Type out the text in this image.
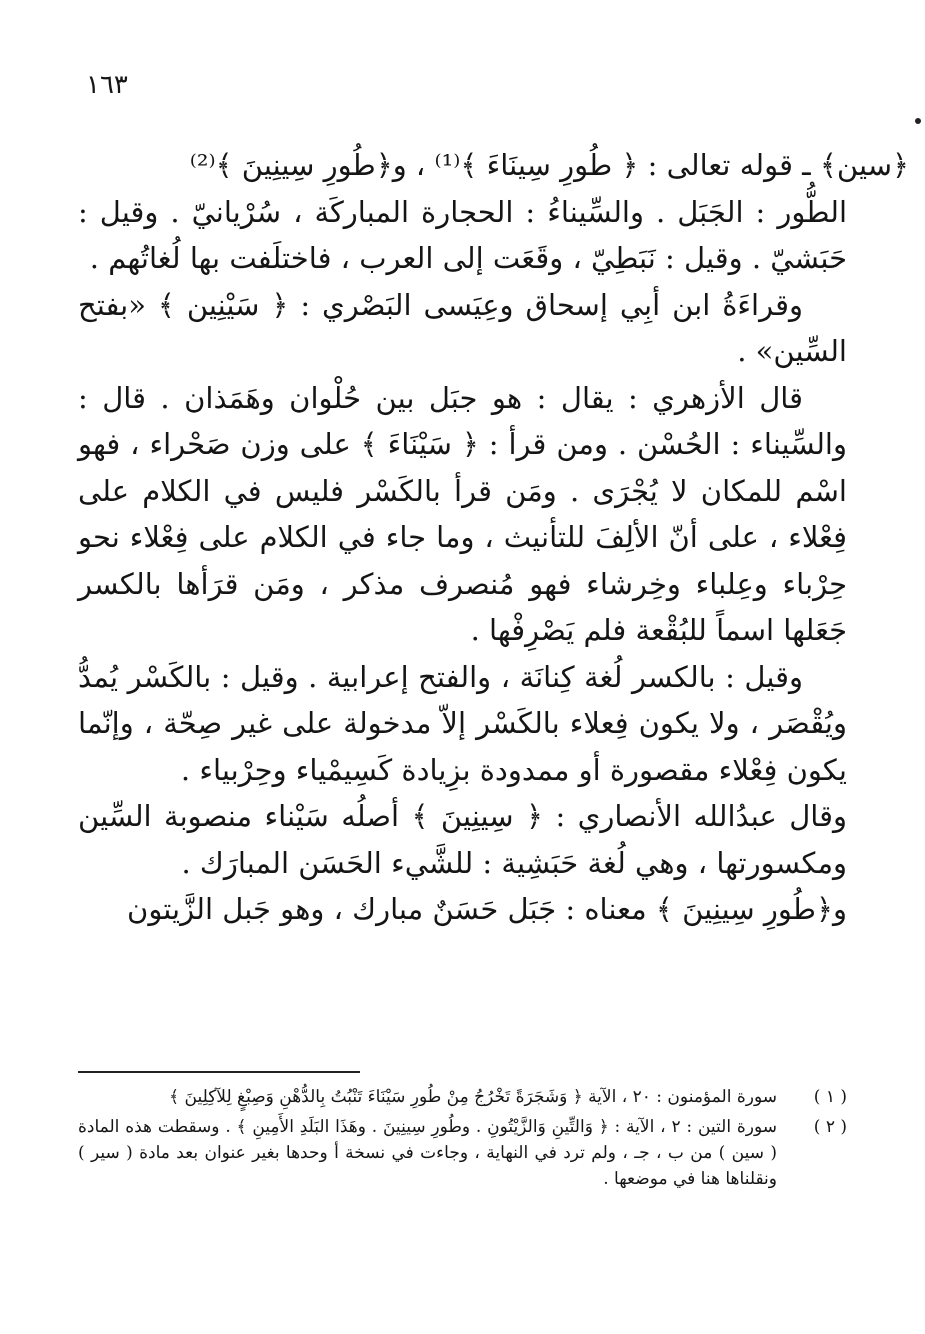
١٦٣

﴿سين﴾ ـ قوله تعالى : ﴿ طُورِ سِينَاءَ ﴾⁽¹⁾ ، و﴿طُورِ سِينِينَ ﴾⁽²⁾

الطُّور : الجَبَل . والسِّيناءُ : الحجارة المباركَة ، سُرْيانيّ . وقيل : حَبَشيّ . وقيل : نَبَطِيّ ، وقَعَت إلى العرب ، فاختلَفت بها لُغاتُهم .

وقراءَةُ ابن أبِي إسحاق وعِيَسى البَصْري : ﴿ سَيْنِين ﴾ «بفتح السِّين» .

قال الأزهري : يقال : هو جبَل بين حُلْوان وهَمَذان . قال : والسِّيناء : الحُسْن . ومن قرأ : ﴿ سَيْنَاءَ ﴾ على وزن صَحْراء ، فهو اسْم للمكان لا يُجْرَى . ومَن قرأ بالكَسْر فليس في الكلام على فِعْلاء ، على أنّ الألِفَ للتأنيث ، وما جاء في الكلام على فِعْلاء نحو حِرْباء وعِلباء وخِرشاء فهو مُنصرف مذكر ، ومَن قرَأها بالكسر جَعَلها اسماً للبُقْعة فلم يَصْرِفْها .

وقيل : بالكسر لُغة كِنانَة ، والفتح إعرابية . وقيل : بالكَسْر يُمدُّ ويُقْصَر ، ولا يكون فِعلاء بالكَسْر إلاّ مدخولة على غير صِحّة ، وإنّما يكون فِعْلاء مقصورة أو ممدودة بزِيادة كَسِيمْياء وحِرْبياء .

وقال عبدُالله الأنصاري : ﴿ سِينِينَ ﴾ أصلُه سَيْناء منصوبة السِّين ومكسورتها ، وهي لُغة حَبَشِية : للشَّيء الحَسَن المبارَك .

و﴿طُورِ سِينِينَ ﴾ معناه : جَبَل حَسَنٌ مبارك ، وهو جَبل الزَّيتون

( ١ )
سورة المؤمنون : ٢٠ ، الآية ﴿ وَشَجَرَةً تَخْرُجُ مِنْ طُورِ سَيْنَاءَ تَنْبُتُ بِالدُّهْنِ وَصِبْغٍ لِلآكِلِينَ ﴾
( ٢ )
سورة التين : ٢ ، الآية : ﴿ وَالتِّينِ وَالزَّيْتُونِ . وطُورِ سِينِينَ . وهَذَا البَلَدِ الأَمِينِ ﴾ . وسقطت هذه المادة ( سين ) من ب ، جـ ، ولم ترد في النهاية ، وجاءت في نسخة أ وحدها بغير عنوان بعد مادة ( سير ) ونقلناها هنا في موضعها .
